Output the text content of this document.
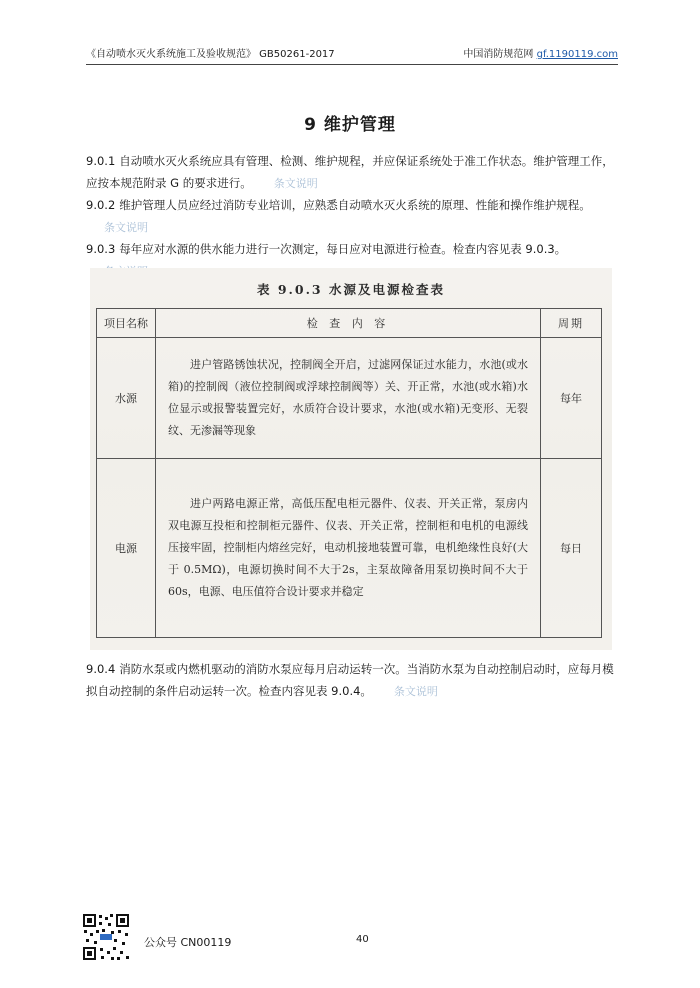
《自动喷水灭火系统施工及验收规范》 GB50261-2017	中国消防规范网 gf.1190119.com
9 维护管理
9.0.1 自动喷水灭火系统应具有管理、检测、维护规程，并应保证系统处于准工作状态。维护管理工作，应按本规范附录 G 的要求进行。 条文说明
9.0.2 维护管理人员应经过消防专业培训，应熟悉自动喷水灭火系统的原理、性能和操作维护规程。
条文说明
9.0.3 每年应对水源的供水能力进行一次测定，每日应对电源进行检查。检查内容见表 9.0.3。
表 9.0.3 水源及电源检查表
项目名称	检 查 内 容	周期
水源	进户管路锈蚀状况，控制阀全开启，过滤网保证过水能力，水池(或水箱)的控制阀（液位控制阀或浮球控制阀等）关、开正常，水池(或水箱)水位显示或报警装置完好，水质符合设计要求，水池(或水箱)无变形、无裂纹、无渗漏等现象	每年
电源	进户两路电源正常，高低压配电柜元器件、仪表、开关正常，泵房内双电源互投柜和控制柜元器件、仪表、开关正常，控制柜和电机的电源线压接牢固，控制柜内熔丝完好，电动机接地装置可靠，电机绝缘性良好(大于 0.5MΩ)，电源切换时间不大于2s，主泵故障备用泵切换时间不大于 60s，电源、电压值符合设计要求并稳定	每日
9.0.4 消防水泵或内燃机驱动的消防水泵应每月启动运转一次。当消防水泵为自动控制启动时，应每月模拟自动控制的条件启动运转一次。检查内容见表 9.0.4。 条文说明
公众号 CN00119	40
